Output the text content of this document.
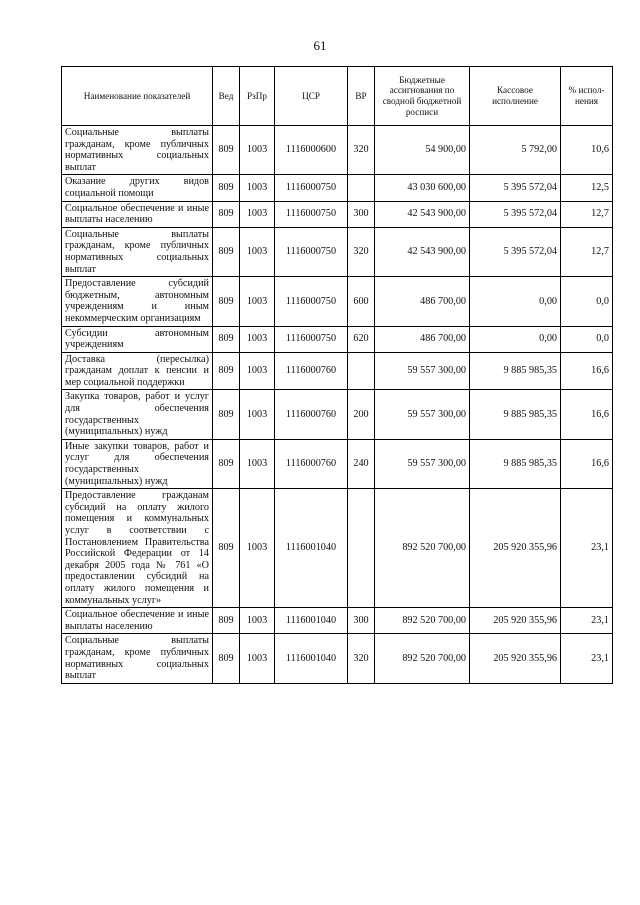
61
Наименование показателей	Вед	РзПр	ЦСР	ВР	Бюджетные ассигнования по сводной бюджетной росписи	Кассовое исполнение	% испол-нения
Социальные выплаты гражданам, кроме публичных нормативных социальных выплат	809	1003	1116000600	320	54 900,00	5 792,00	10,6
Оказание других видов социальной помощи	809	1003	1116000750		43 030 600,00	5 395 572,04	12,5
Социальное обеспечение и иные выплаты населению	809	1003	1116000750	300	42 543 900,00	5 395 572,04	12,7
Социальные выплаты гражданам, кроме публичных нормативных социальных выплат	809	1003	1116000750	320	42 543 900,00	5 395 572,04	12,7
Предоставление субсидий бюджетным, автономным учреждениям и иным некоммерческим организациям	809	1003	1116000750	600	486 700,00	0,00	0,0
Субсидии автономным учреждениям	809	1003	1116000750	620	486 700,00	0,00	0,0
Доставка (пересылка) гражданам доплат к пенсии и мер социальной поддержки	809	1003	1116000760		59 557 300,00	9 885 985,35	16,6
Закупка товаров, работ и услуг для обеспечения государственных (муниципальных) нужд	809	1003	1116000760	200	59 557 300,00	9 885 985,35	16,6
Иные закупки товаров, работ и услуг для обеспечения государственных (муниципальных) нужд	809	1003	1116000760	240	59 557 300,00	9 885 985,35	16,6
Предоставление гражданам субсидий на оплату жилого помещения и коммунальных услуг в соответствии с Постановлением Правительства Российской Федерации от 14 декабря 2005 года № 761 «О предоставлении субсидий на оплату жилого помещения и коммунальных услуг»	809	1003	1116001040		892 520 700,00	205 920 355,96	23,1
Социальное обеспечение и иные выплаты населению	809	1003	1116001040	300	892 520 700,00	205 920 355,96	23,1
Социальные выплаты гражданам, кроме публичных нормативных социальных выплат	809	1003	1116001040	320	892 520 700,00	205 920 355,96	23,1
